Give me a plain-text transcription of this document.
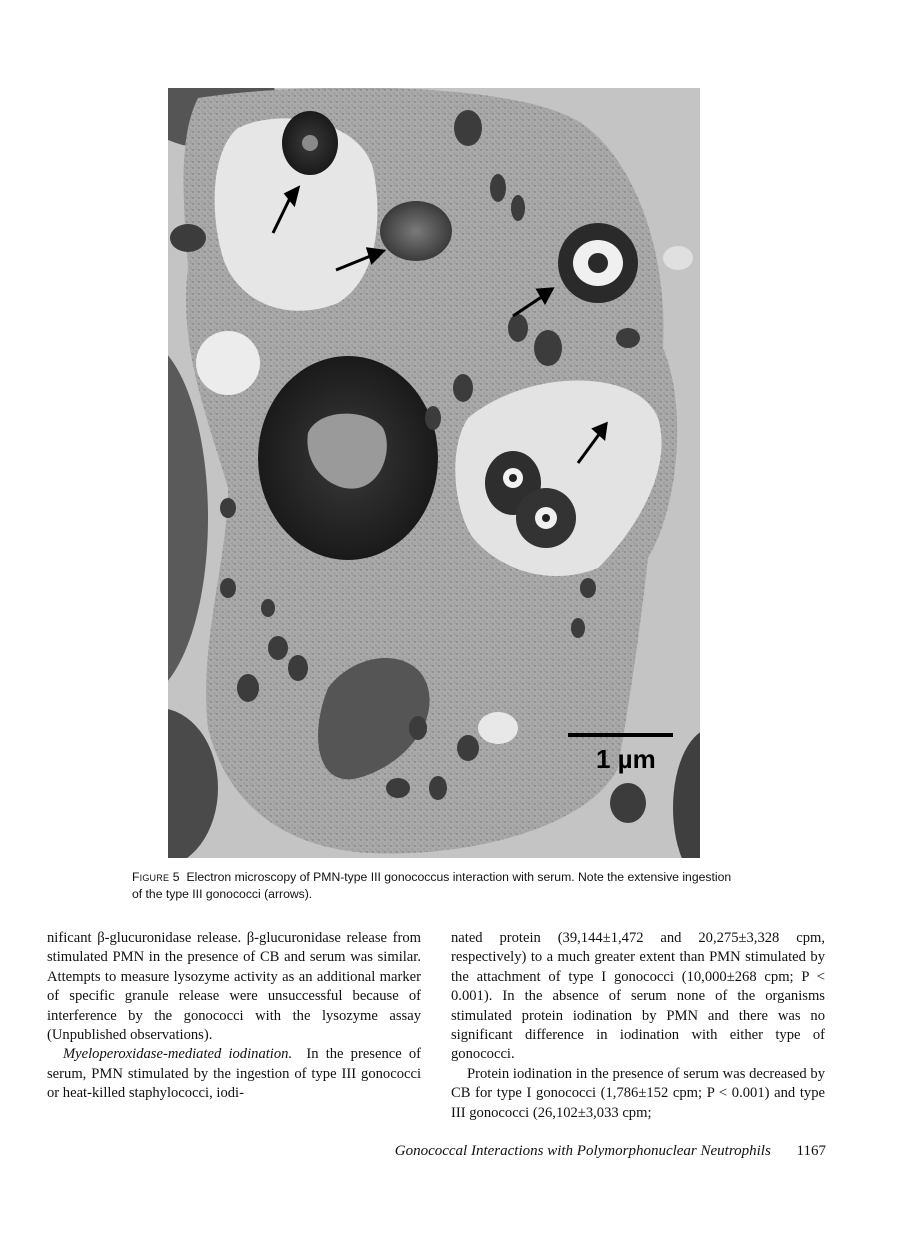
1 µm
Figure 5 Electron microscopy of PMN-type III gonococcus interaction with serum. Note the extensive ingestion of the type III gonococci (arrows).

nificant β-glucuronidase release. β-glucuronidase release from stimulated PMN in the presence of CB and serum was similar. Attempts to measure lysozyme activity as an additional marker of specific granule release were unsuccessful because of interference by the gonococci with the lysozyme assay (Unpublished observations).

Myeloperoxidase-mediated iodination. In the presence of serum, PMN stimulated by the ingestion of type III gonococci or heat-killed staphylococci, iodi-

nated protein (39,144±1,472 and 20,275±3,328 cpm, respectively) to a much greater extent than PMN stimulated by the attachment of type I gonococci (10,000±268 cpm; P < 0.001). In the absence of serum none of the organisms stimulated protein iodination by PMN and there was no significant difference in iodination with either type of gonococci.

Protein iodination in the presence of serum was decreased by CB for type I gonococci (1,786±152 cpm; P < 0.001) and type III gonococci (26,102±3,033 cpm;

Gonococcal Interactions with Polymorphonuclear Neutrophils 1167
